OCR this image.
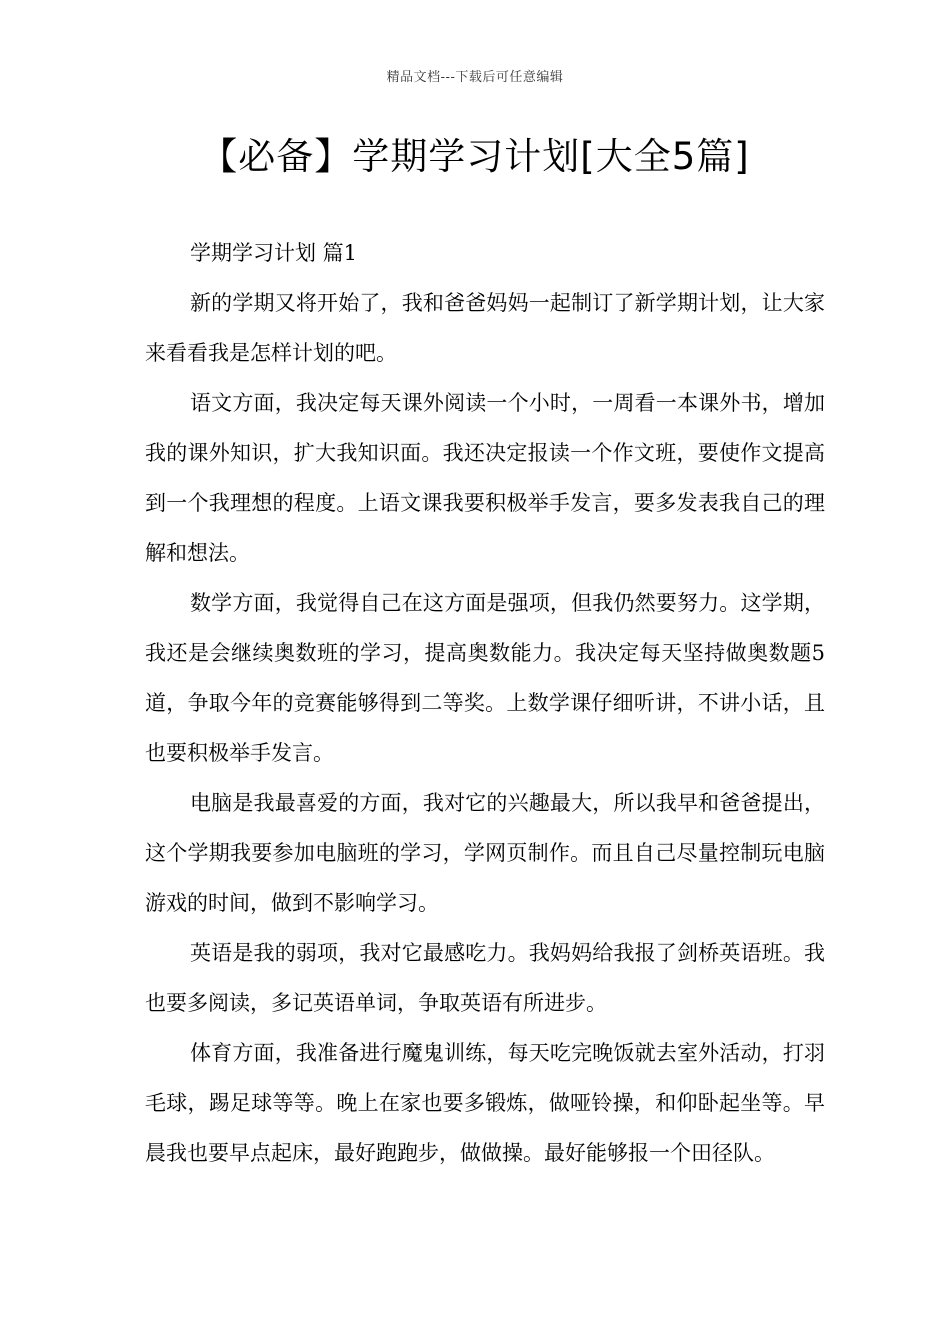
精品文档---下载后可任意编辑
【必备】学期学习计划[大全5篇]

学期学习计划 篇1

新的学期又将开始了，我和爸爸妈妈一起制订了新学期计划，让大家来看看我是怎样计划的吧。

语文方面，我决定每天课外阅读一个小时，一周看一本课外书，增加我的课外知识，扩大我知识面。我还决定报读一个作文班，要使作文提高到一个我理想的程度。上语文课我要积极举手发言，要多发表我自己的理解和想法。

数学方面，我觉得自己在这方面是强项，但我仍然要努力。这学期，我还是会继续奥数班的学习，提高奥数能力。我决定每天坚持做奥数题5道，争取今年的竞赛能够得到二等奖。上数学课仔细听讲，不讲小话，且也要积极举手发言。

电脑是我最喜爱的方面，我对它的兴趣最大，所以我早和爸爸提出，这个学期我要参加电脑班的学习，学网页制作。而且自己尽量控制玩电脑游戏的时间，做到不影响学习。

英语是我的弱项，我对它最感吃力。我妈妈给我报了剑桥英语班。我也要多阅读，多记英语单词，争取英语有所进步。

体育方面，我准备进行魔鬼训练，每天吃完晚饭就去室外活动，打羽毛球，踢足球等等。晚上在家也要多锻炼，做哑铃操，和仰卧起坐等。早晨我也要早点起床，最好跑跑步，做做操。最好能够报一个田径队。
